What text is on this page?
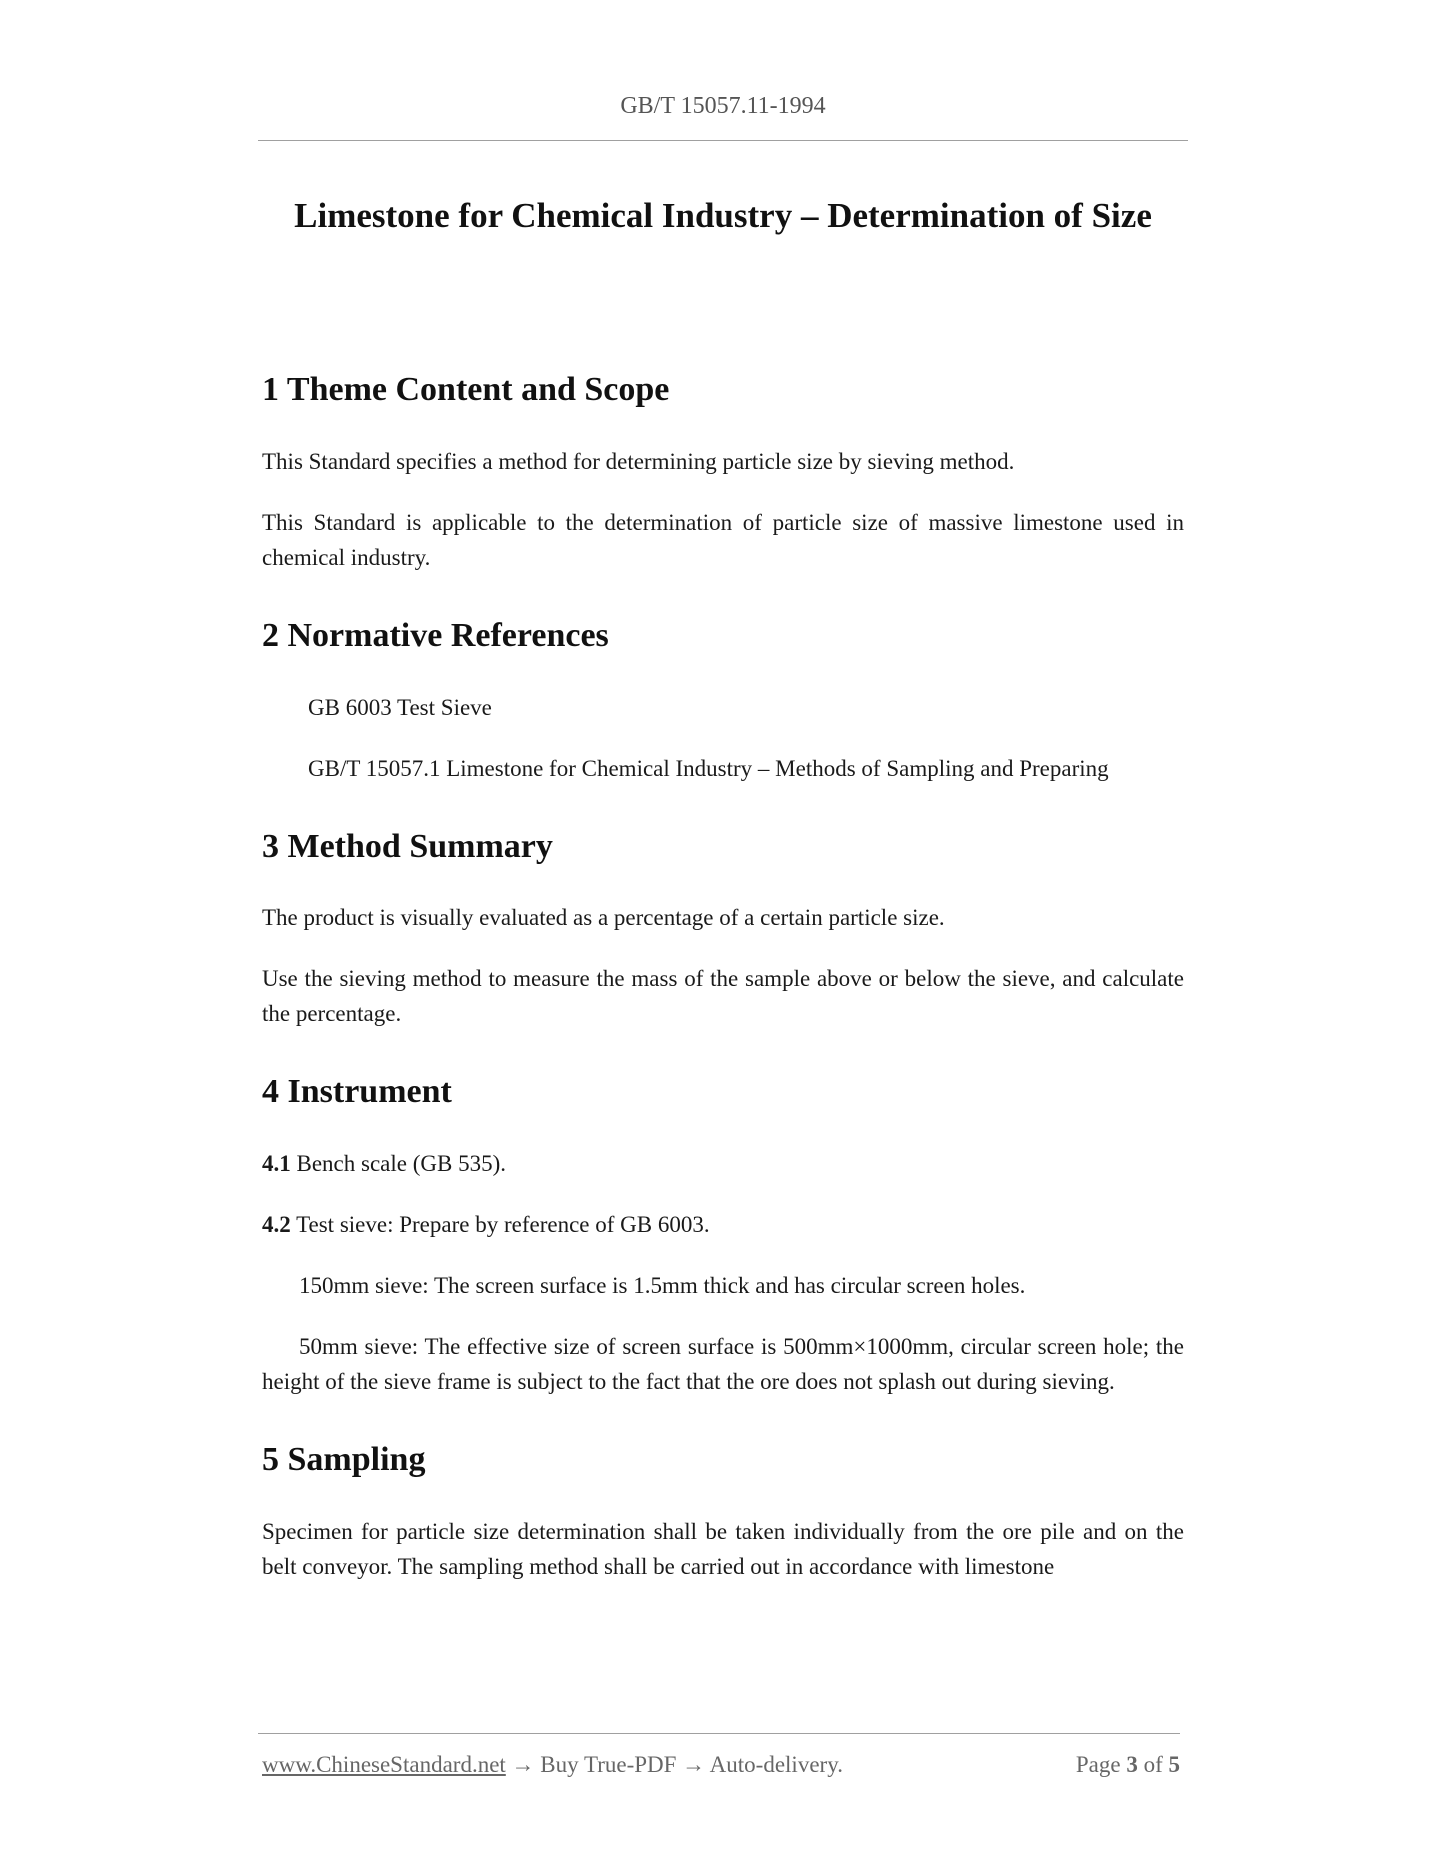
GB/T 15057.11-1994
Limestone for Chemical Industry – Determination of Size
1 Theme Content and Scope

This Standard specifies a method for determining particle size by sieving method.

This Standard is applicable to the determination of particle size of massive limestone used in chemical industry.

2 Normative References

GB 6003 Test Sieve

GB/T 15057.1 Limestone for Chemical Industry – Methods of Sampling and Preparing

3 Method Summary

The product is visually evaluated as a percentage of a certain particle size.

Use the sieving method to measure the mass of the sample above or below the sieve, and calculate the percentage.

4 Instrument

4.1 Bench scale (GB 535).

4.2 Test sieve: Prepare by reference of GB 6003.

150mm sieve: The screen surface is 1.5mm thick and has circular screen holes.

50mm sieve: The effective size of screen surface is 500mm×1000mm, circular screen hole; the height of the sieve frame is subject to the fact that the ore does not splash out during sieving.

5 Sampling

Specimen for particle size determination shall be taken individually from the ore pile and on the belt conveyor. The sampling method shall be carried out in accordance with limestone

www.ChineseStandard.net → Buy True-PDF → Auto-delivery.	Page 3 of 5
